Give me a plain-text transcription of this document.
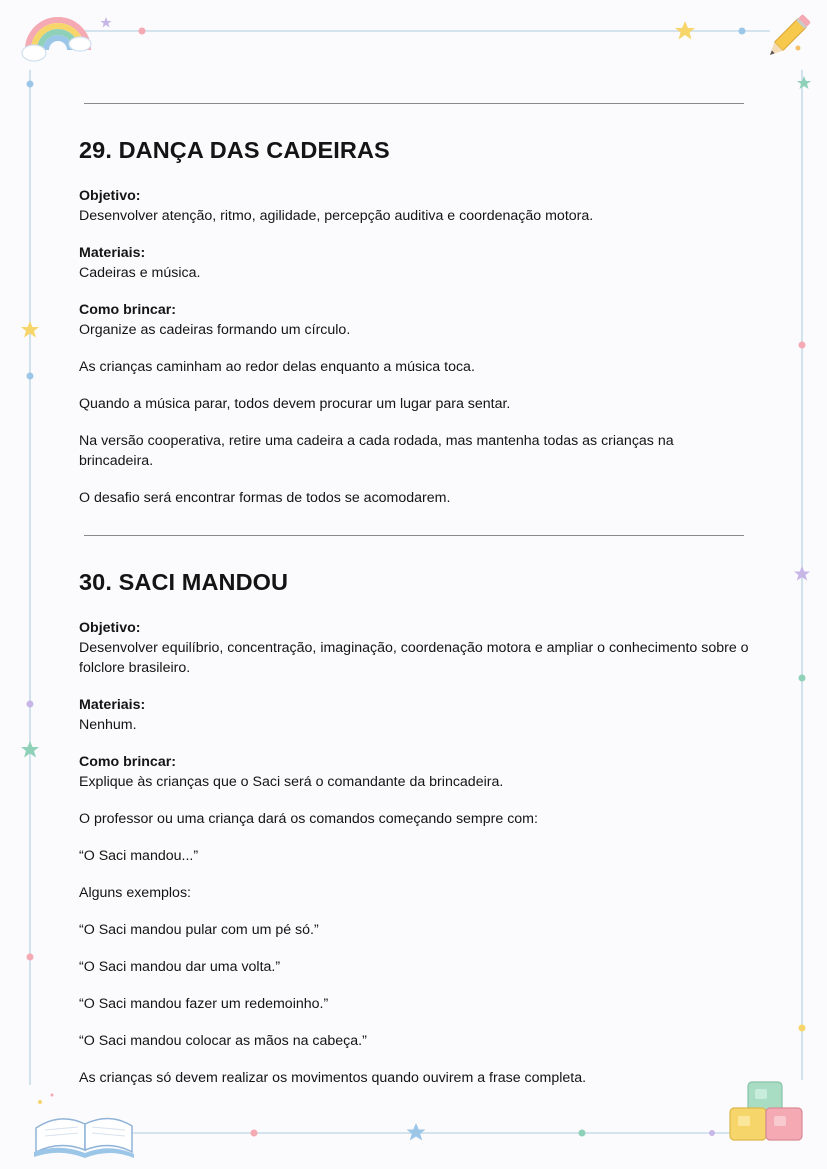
29. DANÇA DAS CADEIRAS
Objetivo:
Desenvolver atenção, ritmo, agilidade, percepção auditiva e coordenação motora.
Materiais:
Cadeiras e música.
Como brincar:

Organize as cadeiras formando um círculo.

As crianças caminham ao redor delas enquanto a música toca.

Quando a música parar, todos devem procurar um lugar para sentar.

Na versão cooperativa, retire uma cadeira a cada rodada, mas mantenha todas as crianças na brincadeira.

O desafio será encontrar formas de todos se acomodarem.

30. SACI MANDOU
Objetivo:
Desenvolver equilíbrio, concentração, imaginação, coordenação motora e ampliar o conhecimento sobre o folclore brasileiro.
Materiais:
Nenhum.
Como brincar:

Explique às crianças que o Saci será o comandante da brincadeira.

O professor ou uma criança dará os comandos começando sempre com:

“O Saci mandou...”

Alguns exemplos:

“O Saci mandou pular com um pé só.”

“O Saci mandou dar uma volta.”

“O Saci mandou fazer um redemoinho.”

“O Saci mandou colocar as mãos na cabeça.”

As crianças só devem realizar os movimentos quando ouvirem a frase completa.
